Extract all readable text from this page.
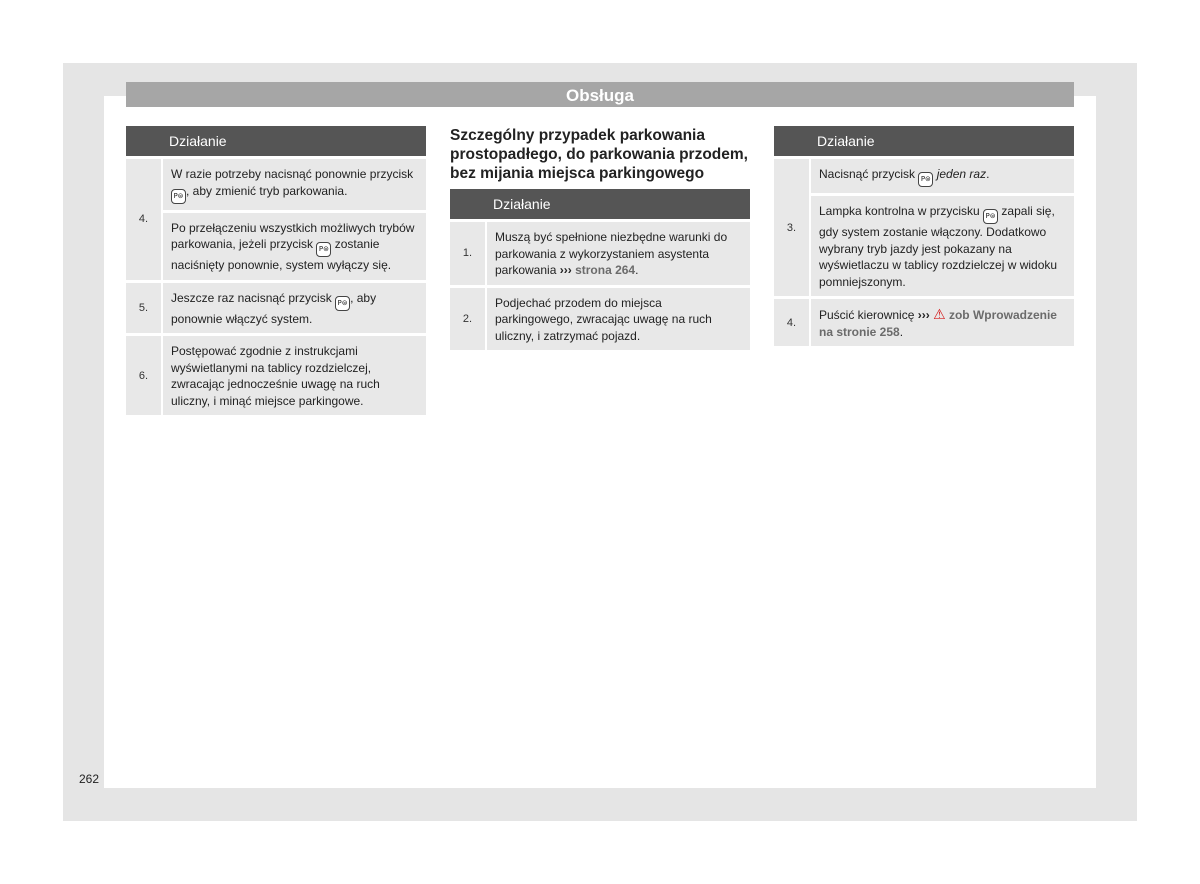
Obsługa
	Działanie
4.	W razie potrzeby nacisnąć ponownie przycisk P⊜ , aby zmienić tryb parkowania.
	Po przełączeniu wszystkich możliwych trybów parkowania, jeżeli przycisk P⊜ zostanie naciśnięty ponownie, system wyłączy się.
5.	Jeszcze raz nacisnąć przycisk P⊜ , aby ponownie włączyć system.
6.	Postępować zgodnie z instrukcjami wyświetlanymi na tablicy rozdzielczej, zwracając jednocześnie uwagę na ruch uliczny, i minąć miejsce parkingowe.
Szczególny przypadek parkowania prostopadłego, do parkowania przodem, bez mijania miejsca parkingowego
	Działanie
1.	Muszą być spełnione niezbędne warunki do parkowania z wykorzystaniem asystenta parkowania ››› strona 264.
2.	Podjechać przodem do miejsca parkingowego, zwracając uwagę na ruch uliczny, i zatrzymać pojazd.
	Działanie
3.	Nacisnąć przycisk P⊜ jeden raz.
	Lampka kontrolna w przycisku P⊜ zapali się, gdy system zostanie włączony. Dodatkowo wybrany tryb jazdy jest pokazany na wyświetlaczu w tablicy rozdzielczej w widoku pomniejszonym.
4.	Puścić kierownicę ››› ⚠ zob Wprowadzenie na stronie 258.
262
